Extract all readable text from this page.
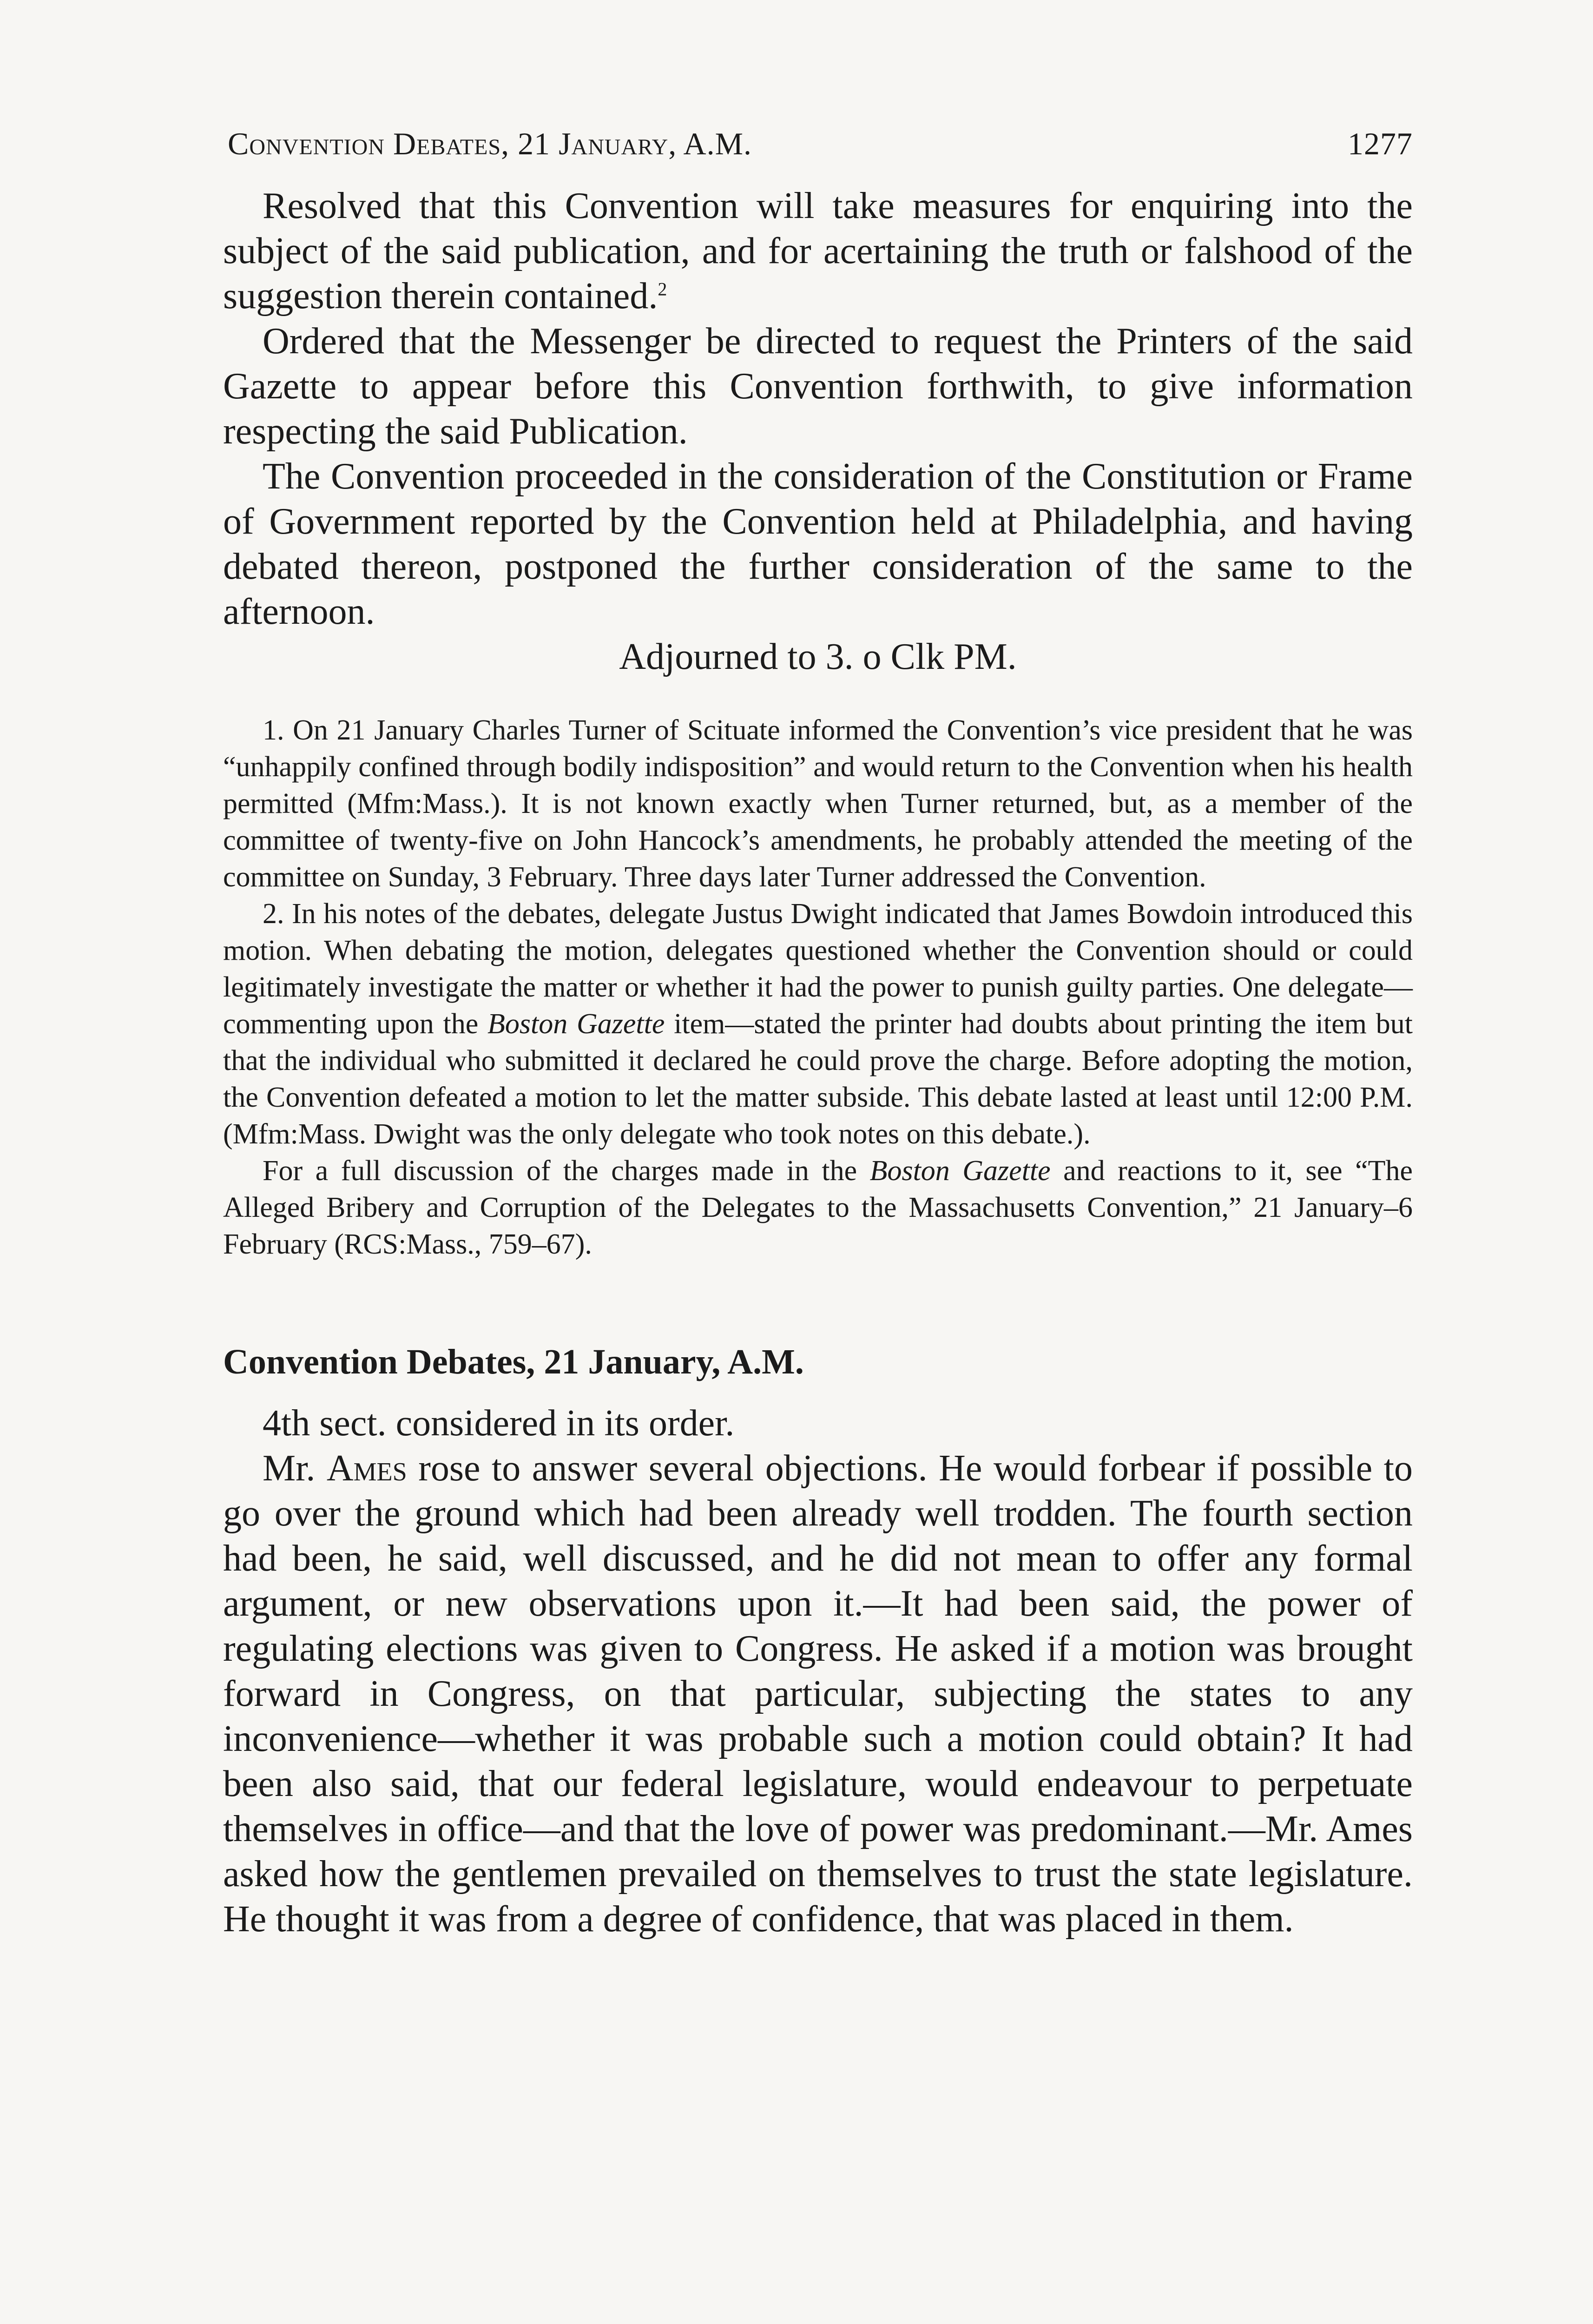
Convention Debates, 21 January, A.M.	1277

Resolved that this Convention will take measures for enquiring into the subject of the said publication, and for acertaining the truth or falshood of the suggestion therein contained.$^2$

Ordered that the Messenger be directed to request the Printers of the said Gazette to appear before this Convention forthwith, to give information respecting the said Publication.

The Convention proceeded in the consideration of the Constitution or Frame of Government reported by the Convention held at Philadelphia, and having debated thereon, postponed the further consideration of the same to the afternoon.

Adjourned to 3. o Clk PM.

1. On 21 January Charles Turner of Scituate informed the Convention’s vice president that he was “unhappily confined through bodily indisposition” and would return to the Convention when his health permitted (Mfm:Mass.). It is not known exactly when Turner returned, but, as a member of the committee of twenty-five on John Hancock’s amendments, he probably attended the meeting of the committee on Sunday, 3 February. Three days later Turner addressed the Convention.

2. In his notes of the debates, delegate Justus Dwight indicated that James Bowdoin introduced this motion. When debating the motion, delegates questioned whether the Convention should or could legitimately investigate the matter or whether it had the power to punish guilty parties. One delegate—commenting upon the Boston Gazette item—stated the printer had doubts about printing the item but that the individual who submitted it declared he could prove the charge. Before adopting the motion, the Convention defeated a motion to let the matter subside. This debate lasted at least until 12:00 P.M. (Mfm:Mass. Dwight was the only delegate who took notes on this debate.).

For a full discussion of the charges made in the Boston Gazette and reactions to it, see “The Alleged Bribery and Corruption of the Delegates to the Massachusetts Convention,” 21 January–6 February (RCS:Mass., 759–67).

Convention Debates, 21 January, A.M.

4th sect. considered in its order.

Mr. Ames rose to answer several objections. He would forbear if possible to go over the ground which had been already well trodden. The fourth section had been, he said, well discussed, and he did not mean to offer any formal argument, or new observations upon it.—It had been said, the power of regulating elections was given to Congress. He asked if a motion was brought forward in Congress, on that particular, subjecting the states to any inconvenience—whether it was probable such a motion could obtain? It had been also said, that our federal legislature, would endeavour to perpetuate themselves in office—and that the love of power was predominant.—Mr. Ames asked how the gentlemen prevailed on themselves to trust the state legislature. He thought it was from a degree of confidence, that was placed in them.
